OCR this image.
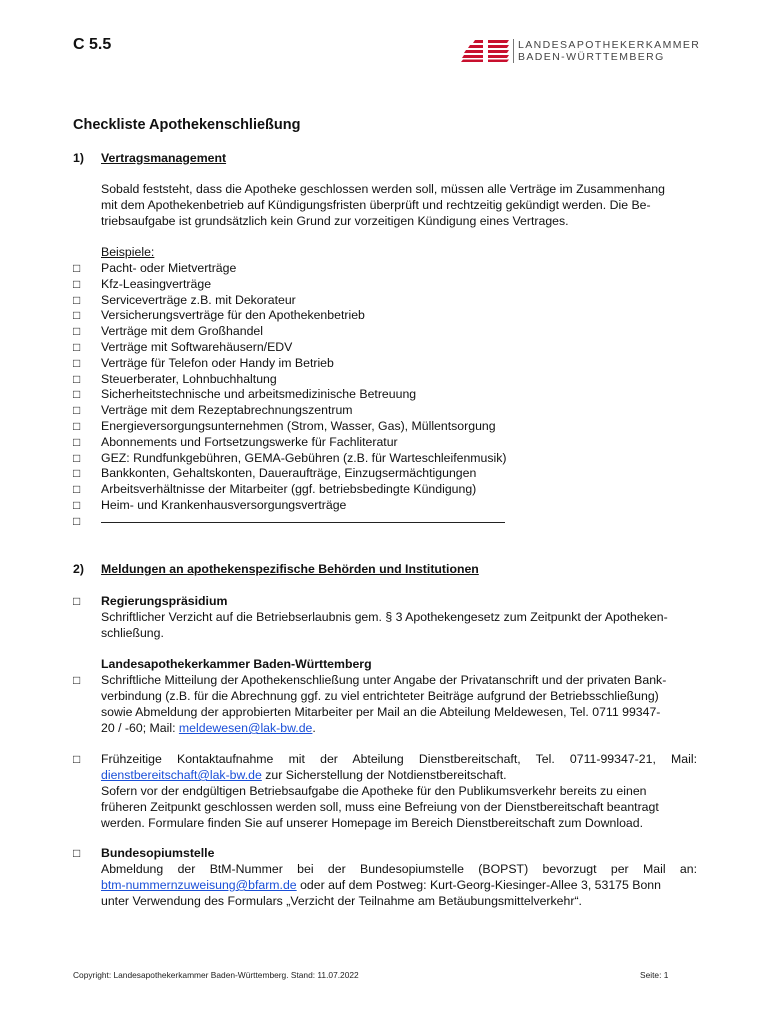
C 5.5	LANDESAPOTHEKERKAMMER
BADEN-WÜRTTEMBERG
Checkliste Apothekenschließung
1) Vertragsmanagement
Sobald feststeht, dass die Apotheke geschlossen werden soll, müssen alle Verträge im Zusammenhang
mit dem Apothekenbetrieb auf Kündigungsfristen überprüft und rechtzeitig gekündigt werden. Die Be-
triebsaufgabe ist grundsätzlich kein Grund zur vorzeitigen Kündigung eines Vertrages.
Beispiele:
□ Pacht- oder Mietverträge
□ Kfz-Leasingverträge
□ Serviceverträge z.B. mit Dekorateur
□ Versicherungsverträge für den Apothekenbetrieb
□ Verträge mit dem Großhandel
□ Verträge mit Softwarehäusern/EDV
□ Verträge für Telefon oder Handy im Betrieb
□ Steuerberater, Lohnbuchhaltung
□ Sicherheitstechnische und arbeitsmedizinische Betreuung
□ Verträge mit dem Rezeptabrechnungszentrum
□ Energieversorgungsunternehmen (Strom, Wasser, Gas), Müllentsorgung
□ Abonnements und Fortsetzungswerke für Fachliteratur
□ GEZ: Rundfunkgebühren, GEMA-Gebühren (z.B. für Warteschleifenmusik)
□ Bankkonten, Gehaltskonten, Daueraufträge, Einzugsermächtigungen
□ Arbeitsverhältnisse der Mitarbeiter (ggf. betriebsbedingte Kündigung)
□ Heim- und Krankenhausversorgungsverträge
□
2) Meldungen an apothekenspezifische Behörden und Institutionen
□ Regierungspräsidium
Schriftlicher Verzicht auf die Betriebserlaubnis gem. § 3 Apothekengesetz zum Zeitpunkt der Apotheken-
schließung.
Landesapothekerkammer Baden-Württemberg
□ Schriftliche Mitteilung der Apothekenschließung unter Angabe der Privatanschrift und der privaten Bank-
verbindung (z.B. für die Abrechnung ggf. zu viel entrichteter Beiträge aufgrund der Betriebsschließung)
sowie Abmeldung der approbierten Mitarbeiter per Mail an die Abteilung Meldewesen, Tel. 0711 99347-
20 / -60; Mail: meldewesen@lak-bw.de.
□ Frühzeitige Kontaktaufnahme mit der Abteilung Dienstbereitschaft, Tel. 0711-99347-21, Mail:
dienstbereitschaft@lak-bw.de zur Sicherstellung der Notdienstbereitschaft.
Sofern vor der endgültigen Betriebsaufgabe die Apotheke für den Publikumsverkehr bereits zu einen
früheren Zeitpunkt geschlossen werden soll, muss eine Befreiung von der Dienstbereitschaft beantragt
werden. Formulare finden Sie auf unserer Homepage im Bereich Dienstbereitschaft zum Download.
□ Bundesopiumstelle
Abmeldung der BtM-Nummer bei der Bundesopiumstelle (BOPST) bevorzugt per Mail an:
btm-nummernzuweisung@bfarm.de oder auf dem Postweg: Kurt-Georg-Kiesinger-Allee 3, 53175 Bonn
unter Verwendung des Formulars „Verzicht der Teilnahme am Betäubungsmittelverkehr“.
Copyright: Landesapothekerkammer Baden-Württemberg. Stand: 11.07.2022	Seite: 1
